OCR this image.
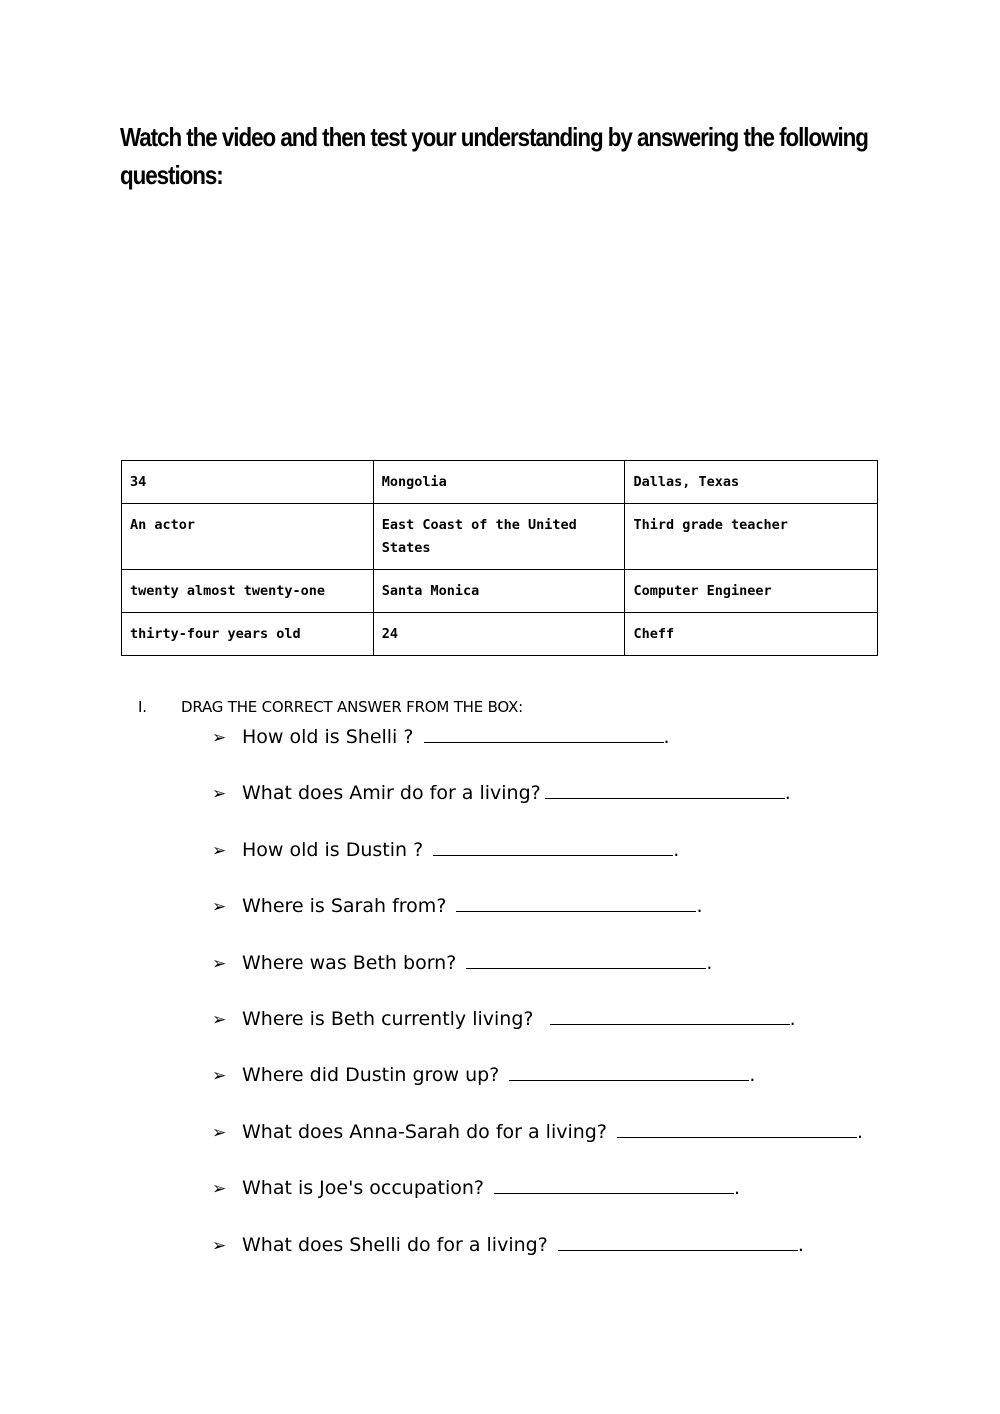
Watch the video and then test your understanding by answering the following questions:
34	Mongolia	Dallas, Texas
An actor	East Coast of the United States	Third grade teacher
twenty almost twenty-one	Santa Monica	Computer Engineer
thirty-four years old	24	Cheff
I. DRAG THE CORRECT ANSWER FROM THE BOX:
➢ How old is Shelli ?	.
➢ What does Amir do for a living?	.
➢ How old is Dustin ?	.
➢ Where is Sarah from?	.
➢ Where was Beth born?	.
➢ Where is Beth currently living?	.
➢ Where did Dustin grow up?	.
➢ What does Anna-Sarah do for a living?	.
➢ What is Joe's occupation?	.
➢ What does Shelli do for a living?	.
